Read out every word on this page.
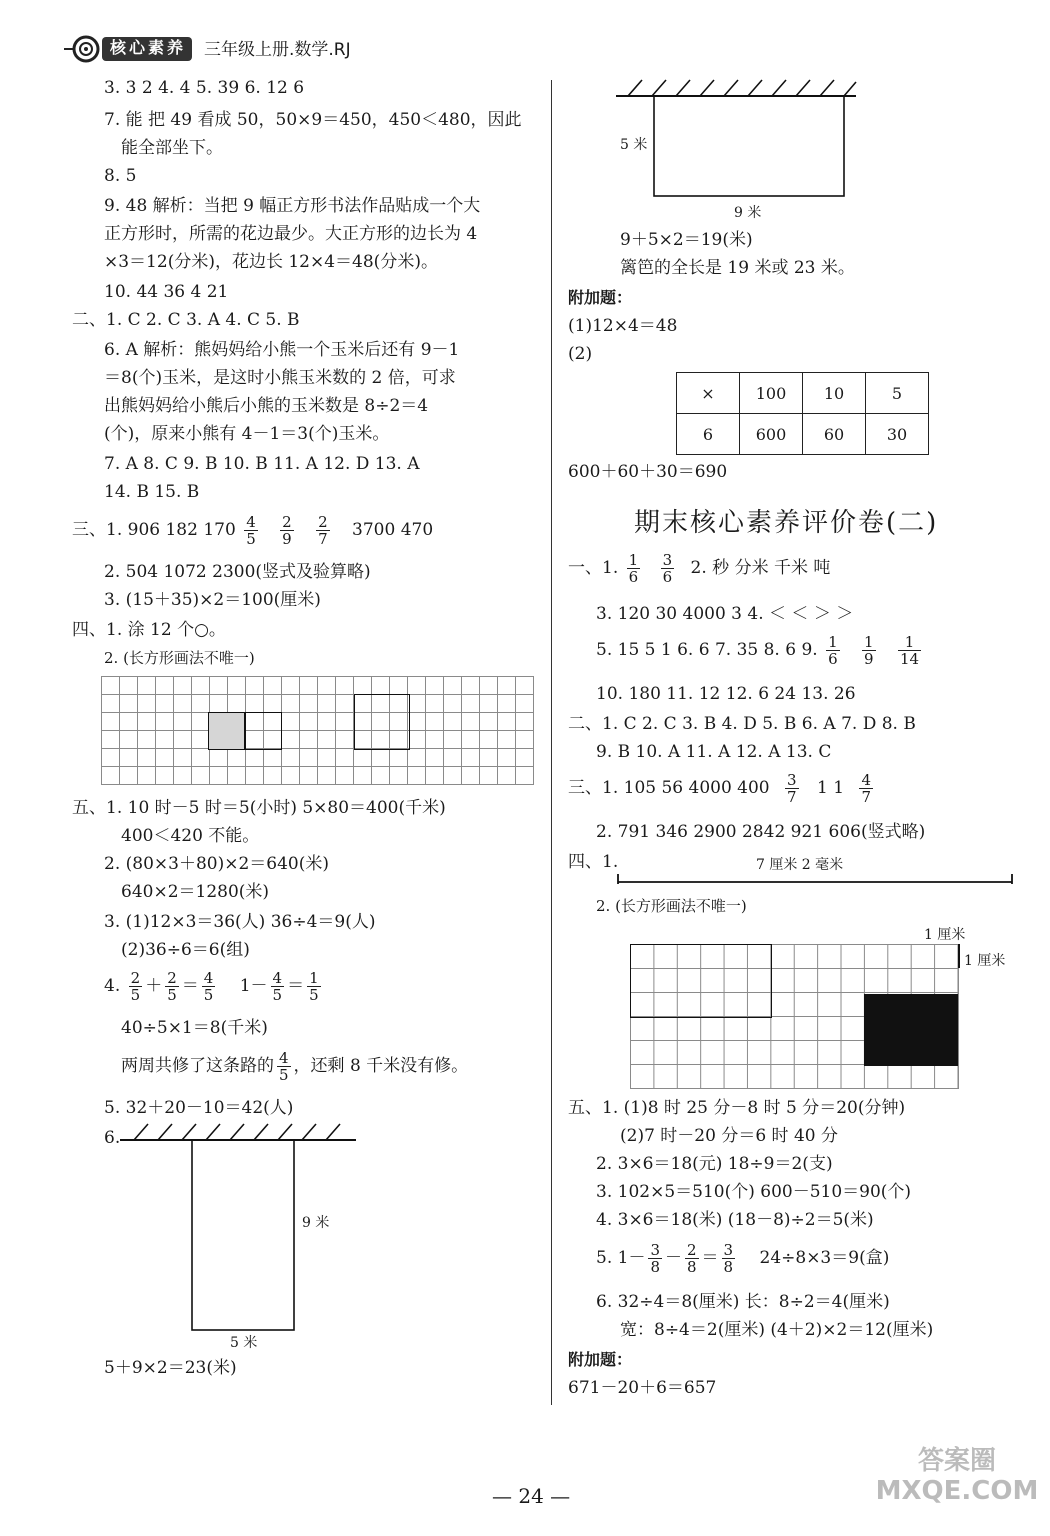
核心素养 三年级上册.数学.RJ
3. 3 2 4. 4 5. 39 6. 12 6
7. 能 把 49 看成 50，50×9＝450，450＜480，因此
能全部坐下。
8. 5
9. 48 解析：当把 9 幅正方形书法作品贴成一个大
正方形时，所需的花边最少。大正方形的边长为 4
×3＝12(分米)，花边长 12×4＝48(分米)。
10. 44 36 4 21
二、1. C 2. C 3. A 4. C 5. B
6. A 解析：熊妈妈给小熊一个玉米后还有 9－1
＝8(个)玉米，是这时小熊玉米数的 2 倍，可求
出熊妈妈给小熊后小熊的玉米数是 8÷2＝4
(个)，原来小熊有 4－1＝3(个)玉米。
7. A 8. C 9. B 10. B 11. A 12. D 13. A
14. B 15. B
三、1. 906 182 $170 \frac{4}{5}$
$\frac{2}{9}$
$\frac{2}{7} 3700$ 470
2. 504 1072 2300(竖式及验算略)
3. (15＋35)×2＝100(厘米)
四、1. 涂 12 个○。
2. (长方形画法不唯一)
五、1. 10 时－5 时＝5(小时) 5×80＝400(千米)
400＜420 不能。
2. (80×3＋80)×2＝640(米)
640×2＝1280(米)
3. (1)12×3＝36(人) 36÷4＝9(人)
(2)36÷6＝6(组)
4. $\frac{2}{5} + \frac{2}{5} = \frac{4}{5} 1- \frac{4}{5} = \frac{1}{5}$
40÷5×1＝8(千米)
两周共修了这条路的 $\frac{4}{5}$ ，还剩 8 千米没有修。
5. 32＋20－10＝42(人)
6.
9 米
5 米
5＋9×2＝23(米)
5 米
9 米
9＋5×2＝19(米)
篱笆的全长是 19 米或 23 米。
附加题：
(1)12×4＝48
(2)
×	100	10	5
6	600	60	30
600＋60＋30＝690
期末核心素养评价卷(二)
一、1. $\frac{1}{6}$
$\frac{3}{6} 2$. 秒 分米 千米 吨
3. 120 30 4000 3 4. ＜ ＜ ＞ ＞
5. 15 5 1 6. 6 7. 35 8. 6 9. $\frac{1}{6}$
$\frac{1}{9}$
$\frac{1}{14}$
10. 180 11. 12 12. 6 24 13. 26
二、1. C 2. C 3. B 4. D 5. B 6. A 7. D 8. B
9. B 10. A 11. A 12. A 13. C
三、1. 105 56 4000 $400 \frac{3}{7} 1$ $1 \frac{4}{7}$
2. 791 346 2900 2842 921 606(竖式略)
四、1.	7 厘米 2 毫米
2. (长方形画法不唯一)
1 厘米
1 厘米
五、1. (1)8 时 25 分－8 时 5 分＝20(分钟)
(2)7 时－20 分＝6 时 40 分
2. 3×6＝18(元) 18÷9＝2(支)
3. 102×5＝510(个) 600－510＝90(个)
4. 3×6＝18(米) (18－8)÷2＝5(米)
5. $1- \frac{3}{8} - \frac{2}{8} = \frac{3}{8} 24\div 8\times 3=9$(盒)
6. 32÷4＝8(厘米) 长：8÷2＝4(厘米)
宽：8÷4＝2(厘米) (4＋2)×2＝12(厘米)
附加题：
671－20＋6＝657
— 24 —
答案圈 MXQE.COM
